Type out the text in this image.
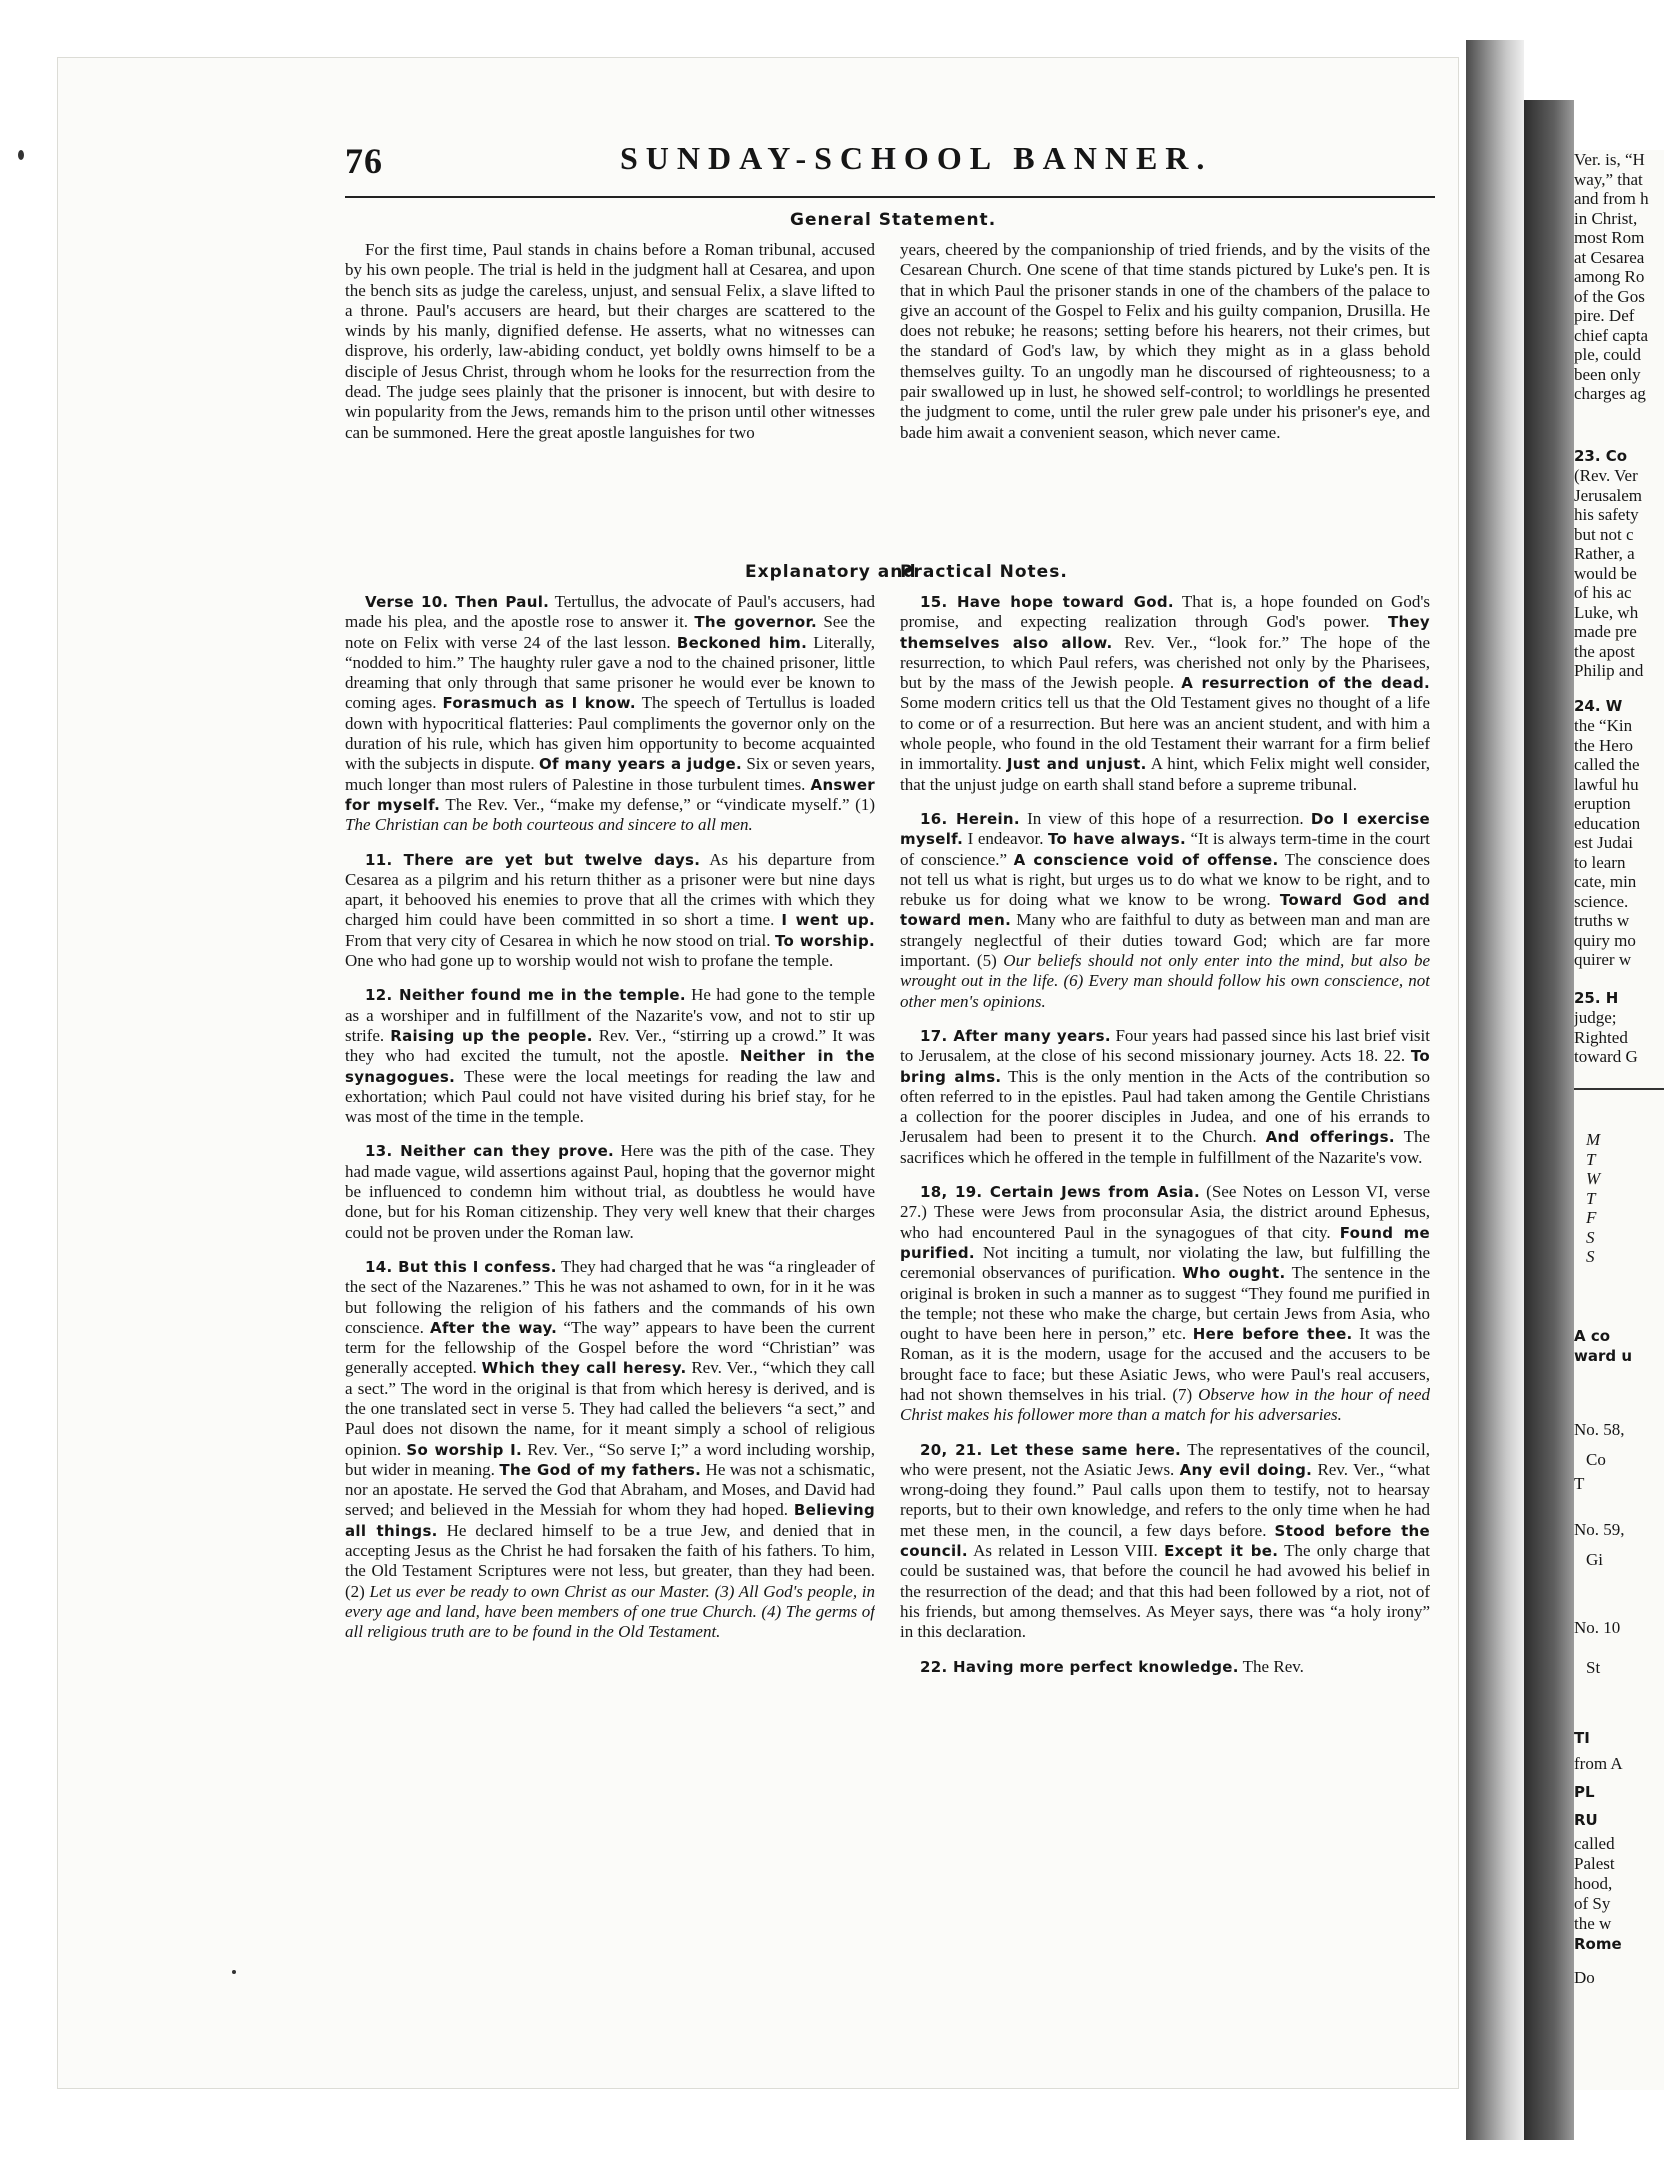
76	SUNDAY-SCHOOL BANNER.
General Statement.

For the first time, Paul stands in chains before a Roman tribunal, accused by his own people. The trial is held in the judgment hall at Cesarea, and upon the bench sits as judge the careless, unjust, and sensual Felix, a slave lifted to a throne. Paul's accusers are heard, but their charges are scattered to the winds by his manly, dignified defense. He asserts, what no witnesses can disprove, his orderly, law-abiding conduct, yet boldly owns himself to be a disciple of Jesus Christ, through whom he looks for the resurrection from the dead. The judge sees plainly that the prisoner is innocent, but with desire to win popularity from the Jews, remands him to the prison until other witnesses can be summoned. Here the great apostle languishes for two

years, cheered by the companionship of tried friends, and by the visits of the Cesarean Church. One scene of that time stands pictured by Luke's pen. It is that in which Paul the prisoner stands in one of the chambers of the palace to give an account of the Gospel to Felix and his guilty companion, Drusilla. He does not rebuke; he reasons; setting before his hearers, not their crimes, but the standard of God's law, by which they might as in a glass behold themselves guilty. To an ungodly man he discoursed of righteousness; to a pair swallowed up in lust, he showed self-control; to worldlings he presented the judgment to come, until the ruler grew pale under his prisoner's eye, and bade him await a convenient season, which never came.

Explanatory and
Practical Notes.

Verse 10. Then Paul. Tertullus, the advocate of Paul's accusers, had made his plea, and the apostle rose to answer it. The governor. See the note on Felix with verse 24 of the last lesson. Beckoned him. Literally, “nodded to him.” The haughty ruler gave a nod to the chained prisoner, little dreaming that only through that same prisoner he would ever be known to coming ages. Forasmuch as I know. The speech of Tertullus is loaded down with hypocritical flatteries: Paul compliments the governor only on the duration of his rule, which has given him opportunity to become acquainted with the subjects in dispute. Of many years a judge. Six or seven years, much longer than most rulers of Palestine in those turbulent times. Answer for myself. The Rev. Ver., “make my defense,” or “vindicate myself.” (1) The Christian can be both courteous and sincere to all men.

11. There are yet but twelve days. As his departure from Cesarea as a pilgrim and his return thither as a prisoner were but nine days apart, it behooved his enemies to prove that all the crimes with which they charged him could have been committed in so short a time. I went up. From that very city of Cesarea in which he now stood on trial. To worship. One who had gone up to worship would not wish to profane the temple.

12. Neither found me in the temple. He had gone to the temple as a worshiper and in fulfillment of the Nazarite's vow, and not to stir up strife. Raising up the people. Rev. Ver., “stirring up a crowd.” It was they who had excited the tumult, not the apostle. Neither in the synagogues. These were the local meetings for reading the law and exhortation; which Paul could not have visited during his brief stay, for he was most of the time in the temple.

13. Neither can they prove. Here was the pith of the case. They had made vague, wild assertions against Paul, hoping that the governor might be influenced to condemn him without trial, as doubtless he would have done, but for his Roman citizenship. They very well knew that their charges could not be proven under the Roman law.

14. But this I confess. They had charged that he was “a ringleader of the sect of the Nazarenes.” This he was not ashamed to own, for in it he was but following the religion of his fathers and the commands of his own conscience. After the way. “The way” appears to have been the current term for the fellowship of the Gospel before the word “Christian” was generally accepted. Which they call heresy. Rev. Ver., “which they call a sect.” The word in the original is that from which heresy is derived, and is the one translated sect in verse 5. They had called the believers “a sect,” and Paul does not disown the name, for it meant simply a school of religious opinion. So worship I. Rev. Ver., “So serve I;” a word including worship, but wider in meaning. The God of my fathers. He was not a schismatic, nor an apostate. He served the God that Abraham, and Moses, and David had served; and believed in the Messiah for whom they had hoped. Believing all things. He declared himself to be a true Jew, and denied that in accepting Jesus as the Christ he had forsaken the faith of his fathers. To him, the Old Testament Scriptures were not less, but greater, than they had been. (2) Let us ever be ready to own Christ as our Master. (3) All God's people, in every age and land, have been members of one true Church. (4) The germs of all religious truth are to be found in the Old Testament.

15. Have hope toward God. That is, a hope founded on God's promise, and expecting realization through God's power. They themselves also allow. Rev. Ver., “look for.” The hope of the resurrection, to which Paul refers, was cherished not only by the Pharisees, but by the mass of the Jewish people. A resurrection of the dead. Some modern critics tell us that the Old Testament gives no thought of a life to come or of a resurrection. But here was an ancient student, and with him a whole people, who found in the old Testament their warrant for a firm belief in immortality. Just and unjust. A hint, which Felix might well consider, that the unjust judge on earth shall stand before a supreme tribunal.

16. Herein. In view of this hope of a resurrection. Do I exercise myself. I endeavor. To have always. “It is always term-time in the court of conscience.” A conscience void of offense. The conscience does not tell us what is right, but urges us to do what we know to be right, and to rebuke us for doing what we know to be wrong. Toward God and toward men. Many who are faithful to duty as between man and man are strangely neglectful of their duties toward God; which are far more important. (5) Our beliefs should not only enter into the mind, but also be wrought out in the life. (6) Every man should follow his own conscience, not other men's opinions.

17. After many years. Four years had passed since his last brief visit to Jerusalem, at the close of his second missionary journey. Acts 18. 22. To bring alms. This is the only mention in the Acts of the contribution so often referred to in the epistles. Paul had taken among the Gentile Christians a collection for the poorer disciples in Judea, and one of his errands to Jerusalem had been to present it to the Church. And offerings. The sacrifices which he offered in the temple in fulfillment of the Nazarite's vow.

18, 19. Certain Jews from Asia. (See Notes on Lesson VI, verse 27.) These were Jews from proconsular Asia, the district around Ephesus, who had encountered Paul in the synagogues of that city. Found me purified. Not inciting a tumult, nor violating the law, but fulfilling the ceremonial observances of purification. Who ought. The sentence in the original is broken in such a manner as to suggest “They found me purified in the temple; not these who make the charge, but certain Jews from Asia, who ought to have been here in person,” etc. Here before thee. It was the Roman, as it is the modern, usage for the accused and the accusers to be brought face to face; but these Asiatic Jews, who were Paul's real accusers, had not shown themselves in his trial. (7) Observe how in the hour of need Christ makes his follower more than a match for his adversaries.

20, 21. Let these same here. The representatives of the council, who were present, not the Asiatic Jews. Any evil doing. Rev. Ver., “what wrong-doing they found.” Paul calls upon them to testify, not to hearsay reports, but to their own knowledge, and refers to the only time when he had met these men, in the council, a few days before. Stood before the council. As related in Lesson VIII. Except it be. The only charge that could be sustained was, that before the council he had avowed his belief in the resurrection of the dead; and that this had been followed by a riot, not of his friends, but among themselves. As Meyer says, there was “a holy irony” in this declaration.

22. Having more perfect knowledge. The Rev.

Ver. is, “H
way,” that
and from h
in Christ,
most Rom
at Cesarea
among Ro
of the Gos
pire. Def
chief capta
ple, could
been only
charges ag
23. Co
(Rev. Ver
Jerusalem
his safety
but not c
Rather, a
would be
of his ac
Luke, wh
made pre
the apost
Philip and
24. W
the “Kin
the Hero
called the
lawful hu
eruption
education
est Judai
to learn
cate, min
science.
truths w
quiry mo
quirer w
25. H
judge;
Righted
toward G
M
T
W
T
F
S
S
A co
ward u
No. 58,
Co
T
No. 59,
Gi
No. 10
St
TI
from A
PL
RU
called
Palest
hood,
of Sy
the w
Rome
Do
